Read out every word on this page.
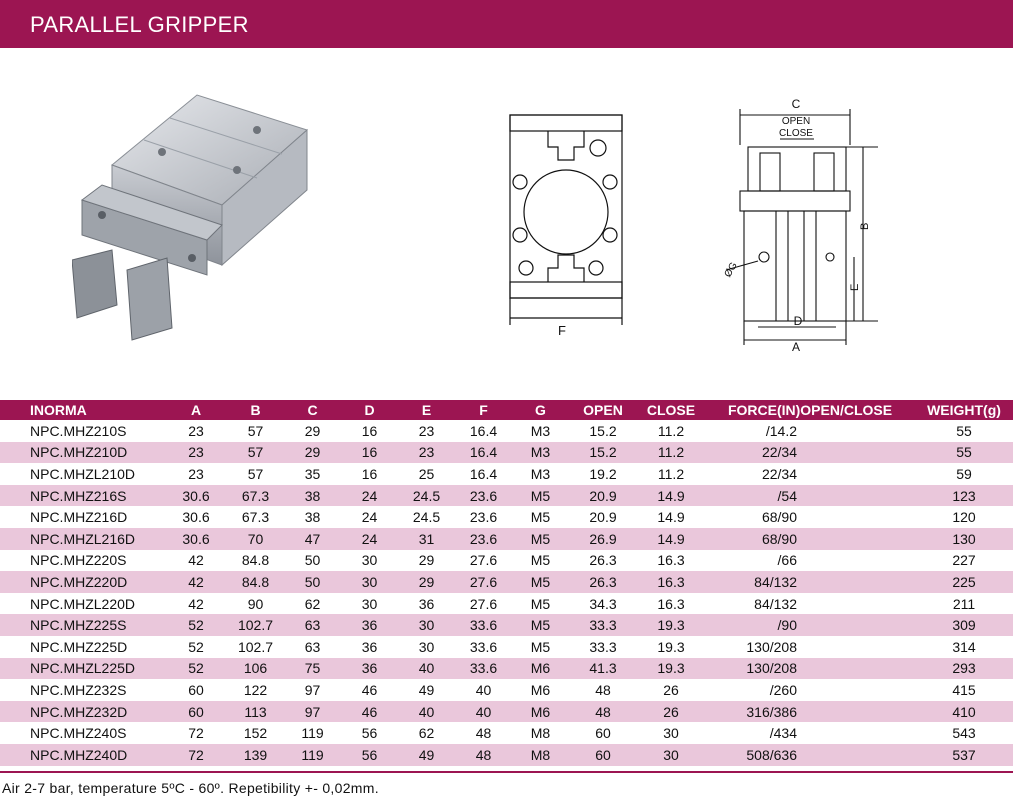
PARALLEL GRIPPER
F
C
OPEN
CLOSE
B
E
ØG
D
A
INORMA	A	B	C	D	E	F	G	OPEN	CLOSE	FORCE(IN)OPEN/CLOSE	WEIGHT(g)
NPC.MHZ210S	23	57	29	16	23	16.4	M3	15.2	11.2	/14.2	55
NPC.MHZ210D	23	57	29	16	23	16.4	M3	15.2	11.2	22/34	55
NPC.MHZL210D	23	57	35	16	25	16.4	M3	19.2	11.2	22/34	59
NPC.MHZ216S	30.6	67.3	38	24	24.5	23.6	M5	20.9	14.9	/54	123
NPC.MHZ216D	30.6	67.3	38	24	24.5	23.6	M5	20.9	14.9	68/90	120
NPC.MHZL216D	30.6	70	47	24	31	23.6	M5	26.9	14.9	68/90	130
NPC.MHZ220S	42	84.8	50	30	29	27.6	M5	26.3	16.3	/66	227
NPC.MHZ220D	42	84.8	50	30	29	27.6	M5	26.3	16.3	84/132	225
NPC.MHZL220D	42	90	62	30	36	27.6	M5	34.3	16.3	84/132	211
NPC.MHZ225S	52	102.7	63	36	30	33.6	M5	33.3	19.3	/90	309
NPC.MHZ225D	52	102.7	63	36	30	33.6	M5	33.3	19.3	130/208	314
NPC.MHZL225D	52	106	75	36	40	33.6	M6	41.3	19.3	130/208	293
NPC.MHZ232S	60	122	97	46	49	40	M6	48	26	/260	415
NPC.MHZ232D	60	113	97	46	40	40	M6	48	26	316/386	410
NPC.MHZ240S	72	152	119	56	62	48	M8	60	30	/434	543
NPC.MHZ240D	72	139	119	56	49	48	M8	60	30	508/636	537
Air 2-7 bar, temperature 5ºC - 60º. Repetibility +- 0,02mm.
